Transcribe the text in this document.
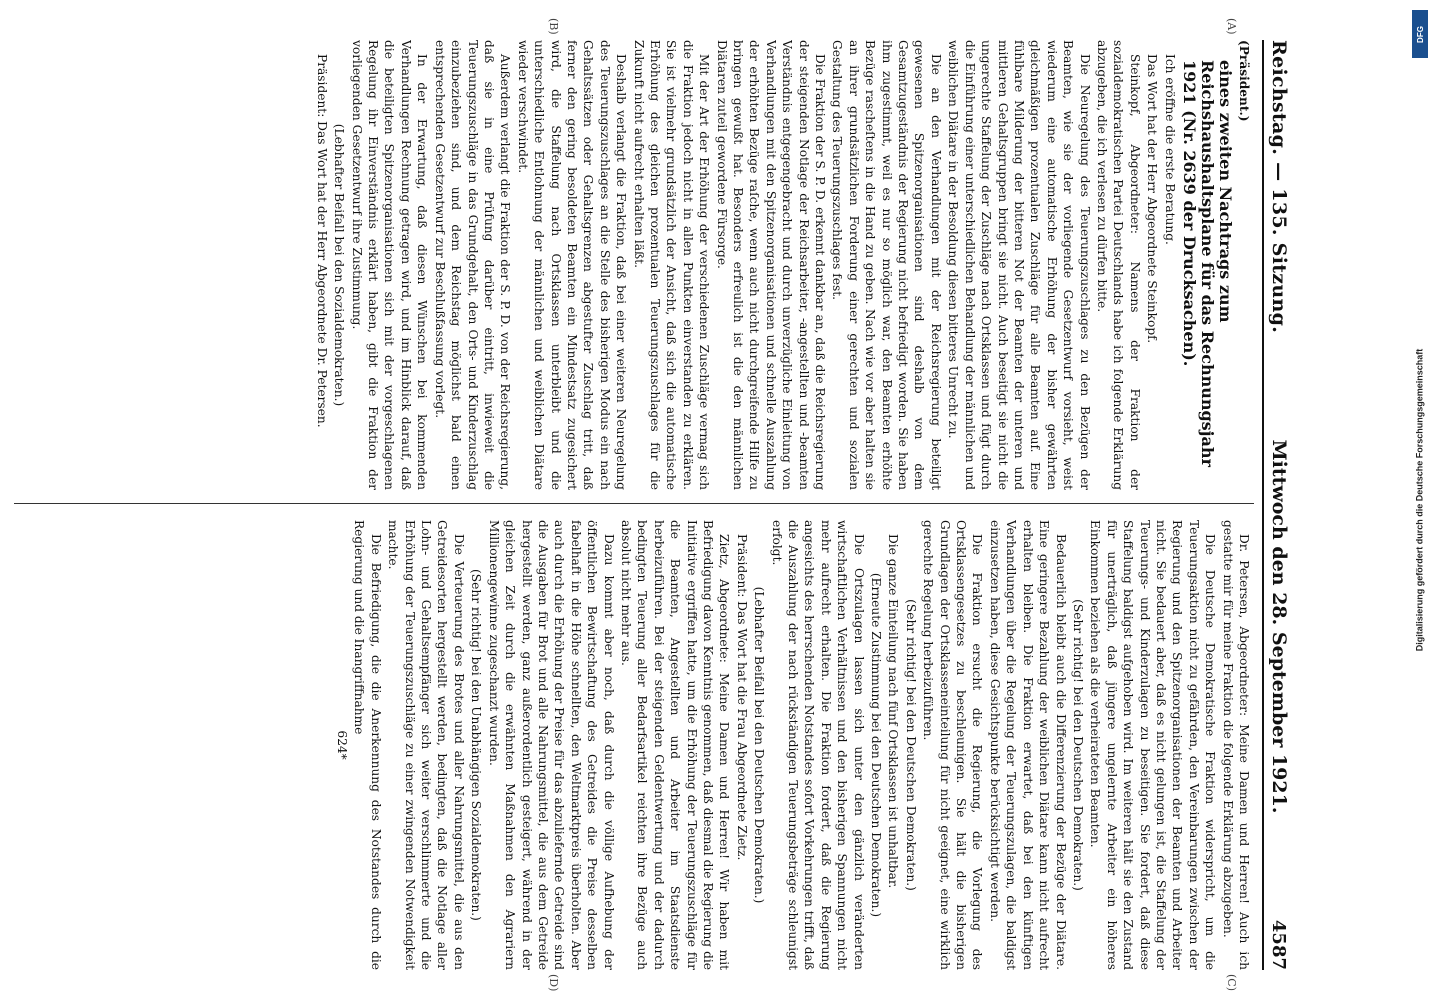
Reichstag. — 135. Sitzung.
Mittwoch den 28. September 1921.
4587
(A)
(B)
(C)
(D)

(Präsident.)

eines zweiten Nachtrags zum Reichshaushaltsplane für das Rechnungsjahr 1921 (Nr. 2639 der Drucksachen).

Ich eröffne die erste Beratung.

Das Wort hat der Herr Abgeordnete Steinkopf.

Steinkopf, Abgeordneter: Namens der Fraktion der sozialdemokratischen Partei Deutschlands habe ich folgende Erklärung abzugeben, die ich verlesen zu dürfen bitte.

Die Neuregelung des Teuerungszuschlages zu den Bezügen der Beamten, wie sie der vorliegende Gesetzentwurf vorsieht, weist wiederum eine automatische Erhöhung der bisher gewährten gleichmäßigen prozentualen Zuschläge für alle Beamten auf. Eine fühlbare Milderung der bitteren Not der Beamten der unteren und mittleren Gehaltsgruppen bringt sie nicht. Auch beseitigt sie nicht die ungerechte Staffelung der Zuschläge nach Ortsklassen und fügt durch die Einführung einer unterschiedlichen Behandlung der männlichen und weiblichen Diätare in der Besoldung diesen bitteres Unrecht zu.

Die an den Verhandlungen mit der Reichsregierung beteiligt gewesenen Spitzenorganisationen sind deshalb von dem Gesamtzugeständnis der Regierung nicht befriedigt worden. Sie haben ihm zugestimmt, weil es nur so möglich war, den Beamten erhöhte Bezüge rascheſtens in die Hand zu geben. Nach wie vor aber halten sie an ihrer grundsätzlichen Forderung einer gerechten und sozialen Gestaltung des Teuerungszuschlages fest.

Die Fraktion der S. P. D. erkennt dankbar an, daß die Reichsregierung der steigenden Notlage der Reichsarbeiter, -angestellten und -beamten Verständnis entgegengebracht und durch unverzügliche Einleitung von Verhandlungen mit den Spitzenorganisationen und schnelle Auszahlung der erhöhten Bezüge raſche, wenn auch nicht durchgreifende Hilfe zu bringen gewußt hat. Besonders erfreulich ist die den männlichen Diätaren zuteil gewordene Fürsorge.

Mit der Art der Erhöhung der verschiedenen Zuschläge vermag sich die Fraktion jedoch nicht in allen Punkten einverstanden zu erklären. Sie ist vielmehr grundsätzlich der Ansicht, daß sich die automatische Erhöhung des gleichen prozentualen Teuerungszuschlages für die Zukunft nicht aufrecht erhalten läßt.

Deshalb verlangt die Fraktion, daß bei einer weiteren Neuregelung des Teuerungszuschlages an die Stelle des bisherigen Modus ein nach Gehaltssätzen oder Gehaltsgrenzen abgestufter Zuschlag tritt, daß ferner den gering besoldeten Beamten ein Mindestsatz zugesichert wird, die Staffelung nach Ortsklassen unterbleibt und die unterschiedliche Entlohnung der männlichen und weiblichen Diätare wieder verschwindet.

Außerdem verlangt die Fraktion der S. P. D. von der Reichsregierung, daß sie in eine Prüfung darüber eintritt, inwieweit die Teuerungszuschläge in das Grundgehalt, den Orts- und Kinderzuschlag einzubeziehen sind, und dem Reichstag möglichst bald einen entsprechenden Gesetzentwurf zur Beschlußfassung vorlegt.

In der Erwartung, daß diesen Wünschen bei kommenden Verhandlungen Rechnung getragen wird, und im Hinblick darauf, daß die beteiligten Spitzenorganisationen sich mit der vorgeschlagenen Regelung ihr Einverständnis erklärt haben, gibt die Fraktion der vorliegenden Gesetzentwurf ihre Zustimmung.

(Lebhafter Beifall bei den Sozialdemokraten.)

Präsident: Das Wort hat der Herr Abgeordnete Dr. Petersen.

Dr. Petersen, Abgeordneter: Meine Damen und Herren! Auch ich gestatte mir für meine Fraktion die folgende Erklärung abzugeben.

Die Deutsche Demokratische Fraktion widerspricht, um die Teuerungsaktion nicht zu gefährden, den Vereinbarungen zwischen der Regierung und den Spitzenorganisationen der Beamten und Arbeiter nicht. Sie bedauert aber, daß es nicht gelungen ist, die Staffelung der Teuerungs- und Kinderzulagen zu beseitigen. Sie fordert, daß diese Staffelung baldigst aufgehoben wird. Im weiteren hält sie den Zustand für unerträglich, daß jüngere ungelernte Arbeiter ein höheres Einkommen beziehen als die verheirateten Beamten.

(Sehr richtig! bei den Deutschen Demokraten.)

Bedauerlich bleibt auch die Differenzierung der Bezüge der Diätare. Eine geringere Bezahlung der weiblichen Diätare kann nicht aufrecht erhalten bleiben. Die Fraktion erwartet, daß bei den künftigen Verhandlungen über die Regelung der Teuerungszulagen, die baldigst einzusetzen haben, diese Gesichtspunkte berücksichtigt werden.

Die Fraktion ersucht die Regierung, die Vorlegung des Ortsklassengesetzes zu beschleunigen. Sie hält die bisherigen Grundlagen der Ortsklasseneinteilung für nicht geeignet, eine wirklich gerechte Regelung herbeizuführen.

(Sehr richtig! bei den Deutschen Demokraten.)

Die ganze Einteilung nach fünf Ortsklassen ist unhaltbar.

(Erneute Zustimmung bei den Deutschen Demokraten.)

Die Ortszulagen lassen sich unter den gänzlich veränderten wirtschaftlichen Verhältnissen und den bisherigen Spannungen nicht mehr aufrecht erhalten. Die Fraktion fordert, daß die Regierung angesichts des herrschenden Notstandes sofort Vorkehrungen trifft, daß die Auszahlung der nach rückständigen Teuerungsbeträge schleunigst erfolgt.

(Lebhafter Beifall bei den Deutschen Demokraten.)

Präsident: Das Wort hat die Frau Abgeordnete Zietz.

Zietz, Abgeordnete: Meine Damen und Herren! Wir haben mit Befriedigung davon Kenntnis genommen, daß diesmal die Regierung die Initiative ergriffen hatte, um die Erhöhung der Teuerungszuschläge für die Beamten, Angestellten und Arbeiter im Staatsdienste herbeizuführen. Bei der steigenden Geldentwertung und der dadurch bedingten Teuerung aller Bedarfsartikel reichten ihre Bezüge auch absolut nicht mehr aus.

Dazu kommt aber noch, daß durch die völlige Aufhebung der öffentlichen Bewirtschaftung des Getreides die Preise desselben fabelhaft in die Höhe schnellten, den Weltmarktpreis überholten. Aber auch durch die Erhöhung der Preise für das abzuliefernde Getreide sind die Ausgaben für Brot und alle Nahrungsmittel, die aus dem Getreide hergestellt werden, ganz außerordentlich gesteigert, während in der gleichen Zeit durch die erwähnten Maßnahmen den Agrariern Millionengewinne zugeschanzt wurden.

(Sehr richtig! bei den Unabhängigen Sozialdemokraten.)

Die Verteuerung des Brotes und aller Nahrungsmittel, die aus den Getreidesorten hergestellt werden, bedingten, daß die Notlage aller Lohn- und Gehaltsempfänger sich weiter verschlimmerte und die Erhöhung der Teuerungszuschläge zu einer zwingenden Notwendigkeit machte.

Die Befriedigung, die die Anerkennung des Notstandes durch die Regierung und die Inangriffnahme

624*

DFG
Digitalisierung gefördert durch die Deutsche Forschungsgemeinschaft
